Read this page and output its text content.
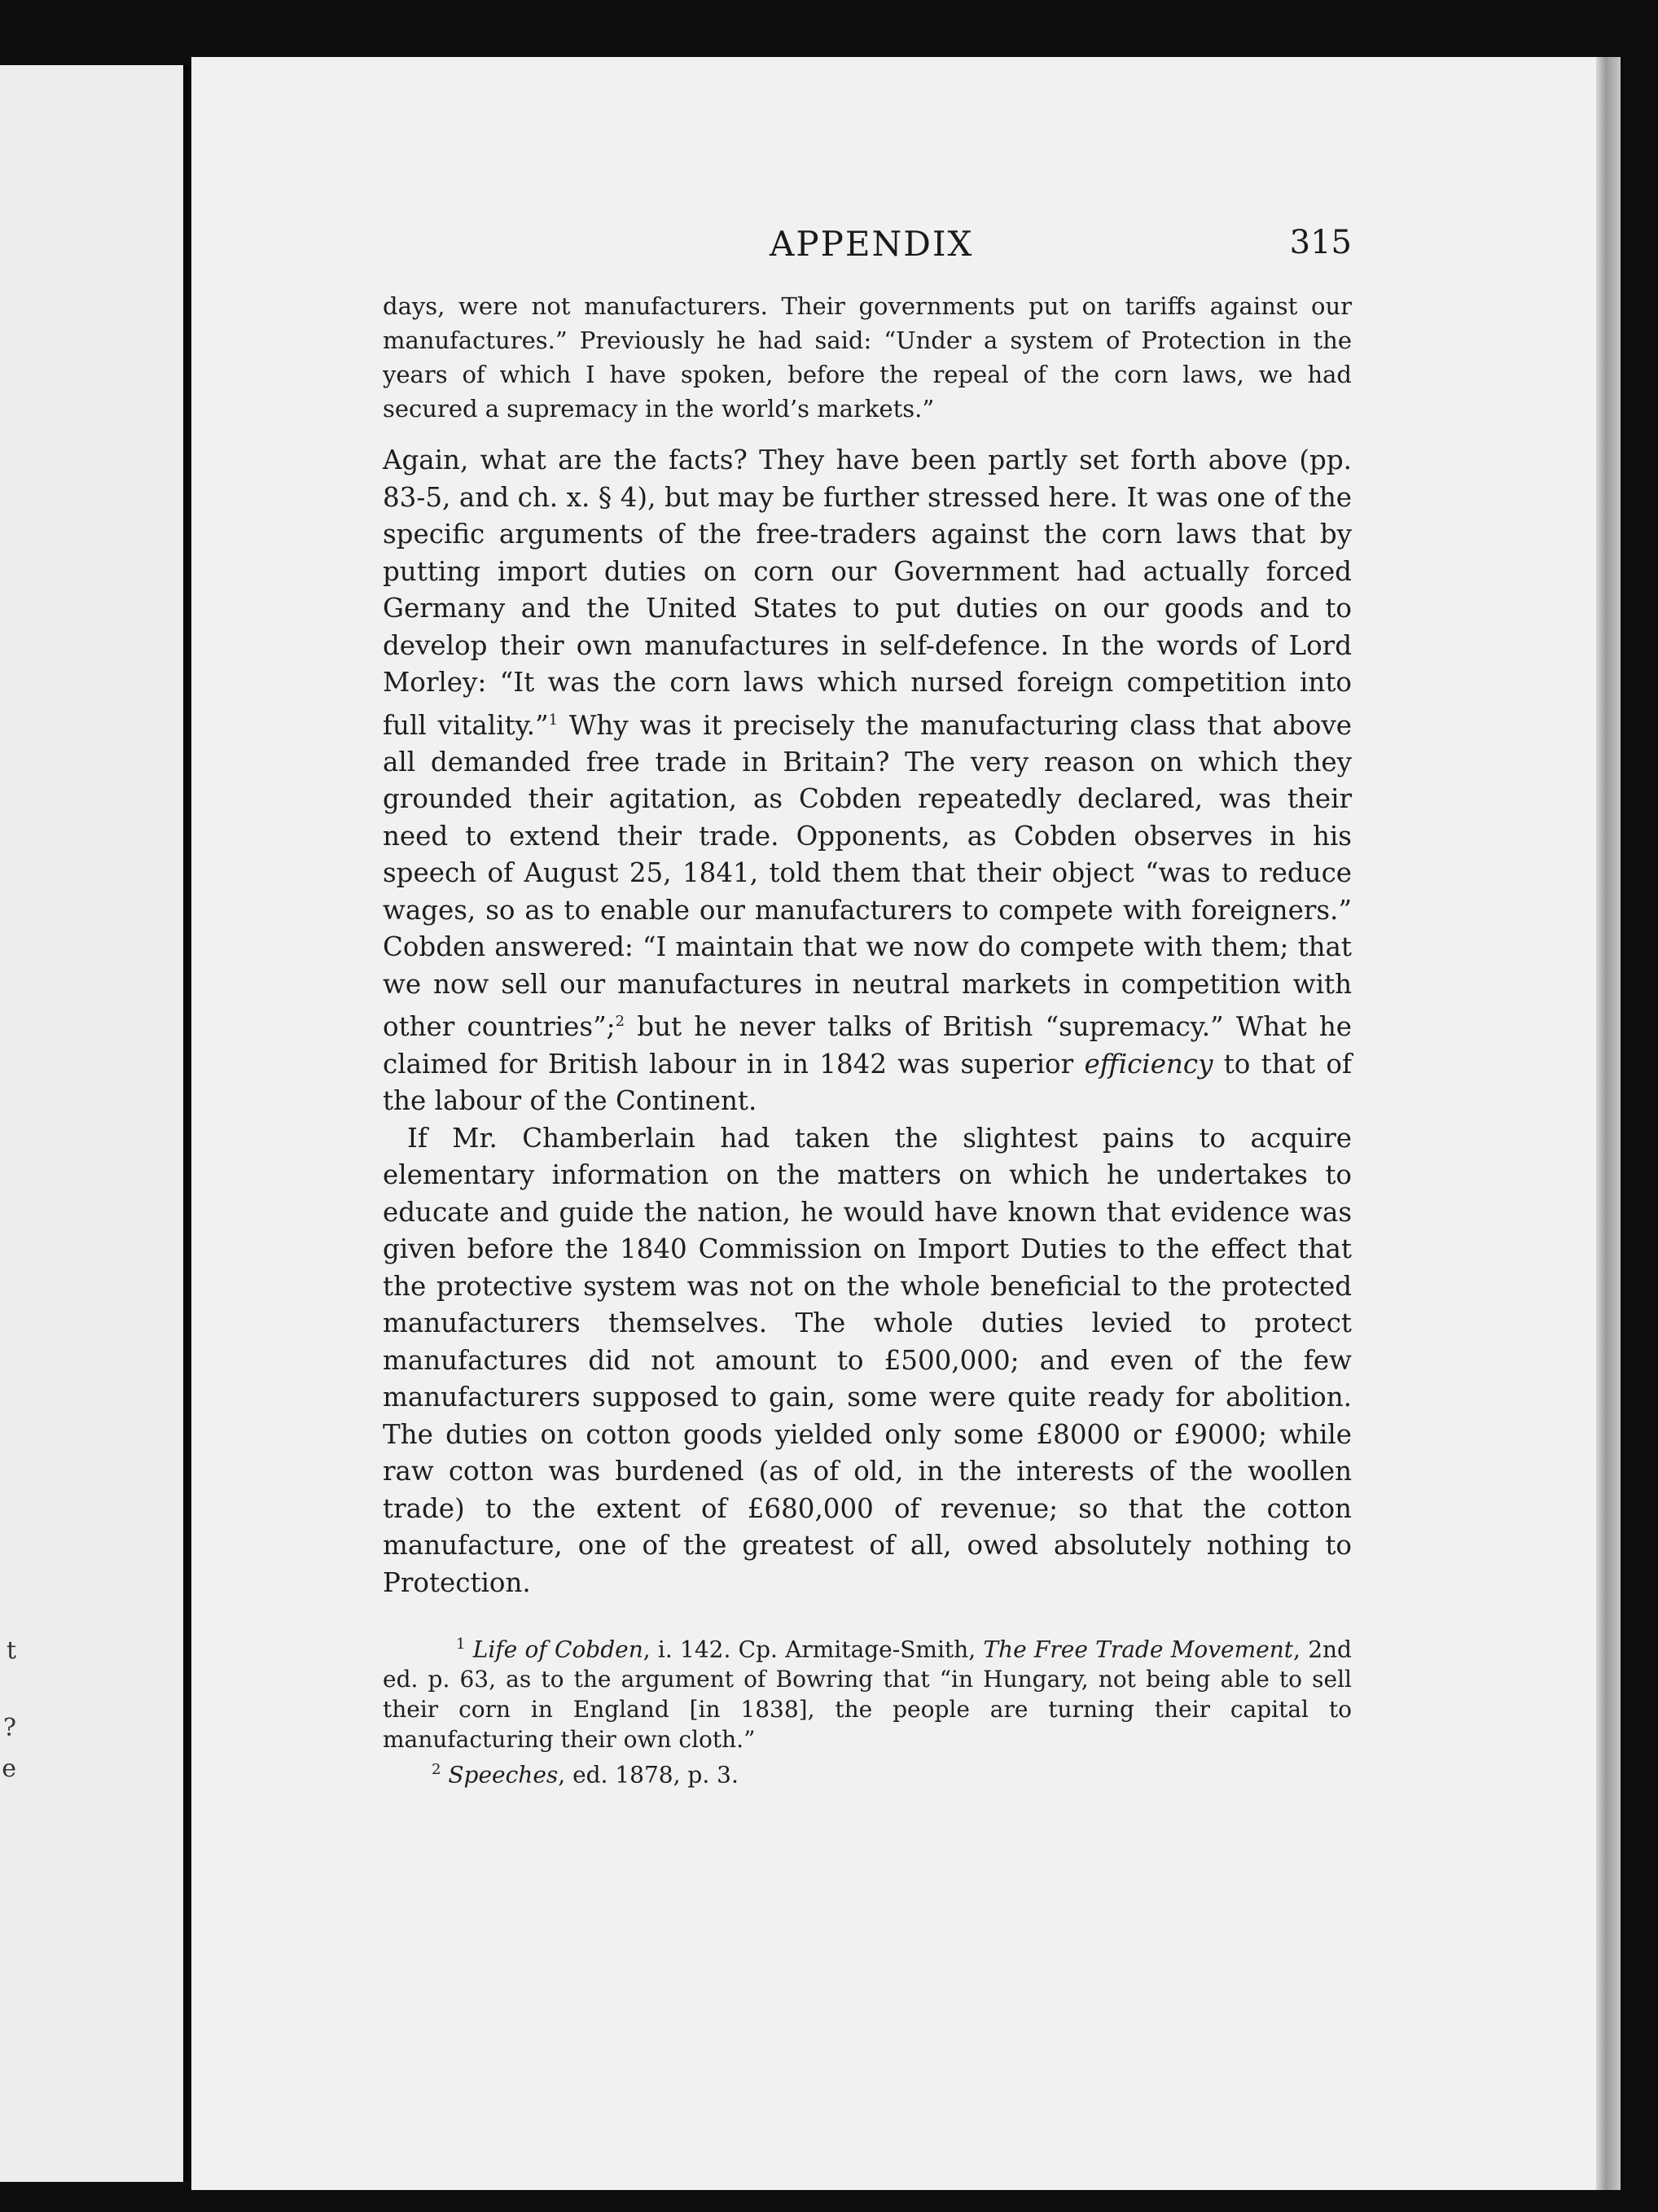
t
?
e
APPENDIX	315

days, were not manufacturers. Their governments put on tariffs against our manufactures.” Previously he had said: “Under a system of Protection in the years of which I have spoken, before the repeal of the corn laws, we had secured a supremacy in the world’s markets.”

Again, what are the facts? They have been partly set forth above (pp. 83-5, and ch. x. § 4), but may be further stressed here. It was one of the specific arguments of the free-traders against the corn laws that by putting import duties on corn our Government had actually forced Germany and the United States to put duties on our goods and to develop their own manufactures in self-defence. In the words of Lord Morley: “It was the corn laws which nursed foreign competition into full vitality.”$^1$ Why was it precisely the manufacturing class that above all demanded free trade in Britain? The very reason on which they grounded their agitation, as Cobden repeatedly declared, was their need to extend their trade. Opponents, as Cobden observes in his speech of August 25, 1841, told them that their object “was to reduce wages, so as to enable our manufacturers to compete with foreigners.” Cobden answered: “I maintain that we now do compete with them; that we now sell our manufactures in neutral markets in competition with other countries”;$^2$ but he never talks of British “supremacy.” What he claimed for British labour in in 1842 was superior efficiency to that of the labour of the Continent.

If Mr. Chamberlain had taken the slightest pains to acquire elementary information on the matters on which he undertakes to educate and guide the nation, he would have known that evidence was given before the 1840 Commission on Import Duties to the effect that the protective system was not on the whole beneficial to the protected manufacturers themselves. The whole duties levied to protect manufactures did not amount to £500,000; and even of the few manufacturers supposed to gain, some were quite ready for abolition. The duties on cotton goods yielded only some £8000 or £9000; while raw cotton was burdened (as of old, in the interests of the woollen trade) to the extent of £680,000 of revenue; so that the cotton manufacture, one of the greatest of all, owed absolutely nothing to Protection.

$^1$ Life of Cobden, i. 142. Cp. Armitage-Smith, The Free Trade Movement, 2nd ed. p. 63, as to the argument of Bowring that “in Hungary, not being able to sell their corn in England [in 1838], the people are turning their capital to manufacturing their own cloth.”

$^2$ Speeches, ed. 1878, p. 3.
